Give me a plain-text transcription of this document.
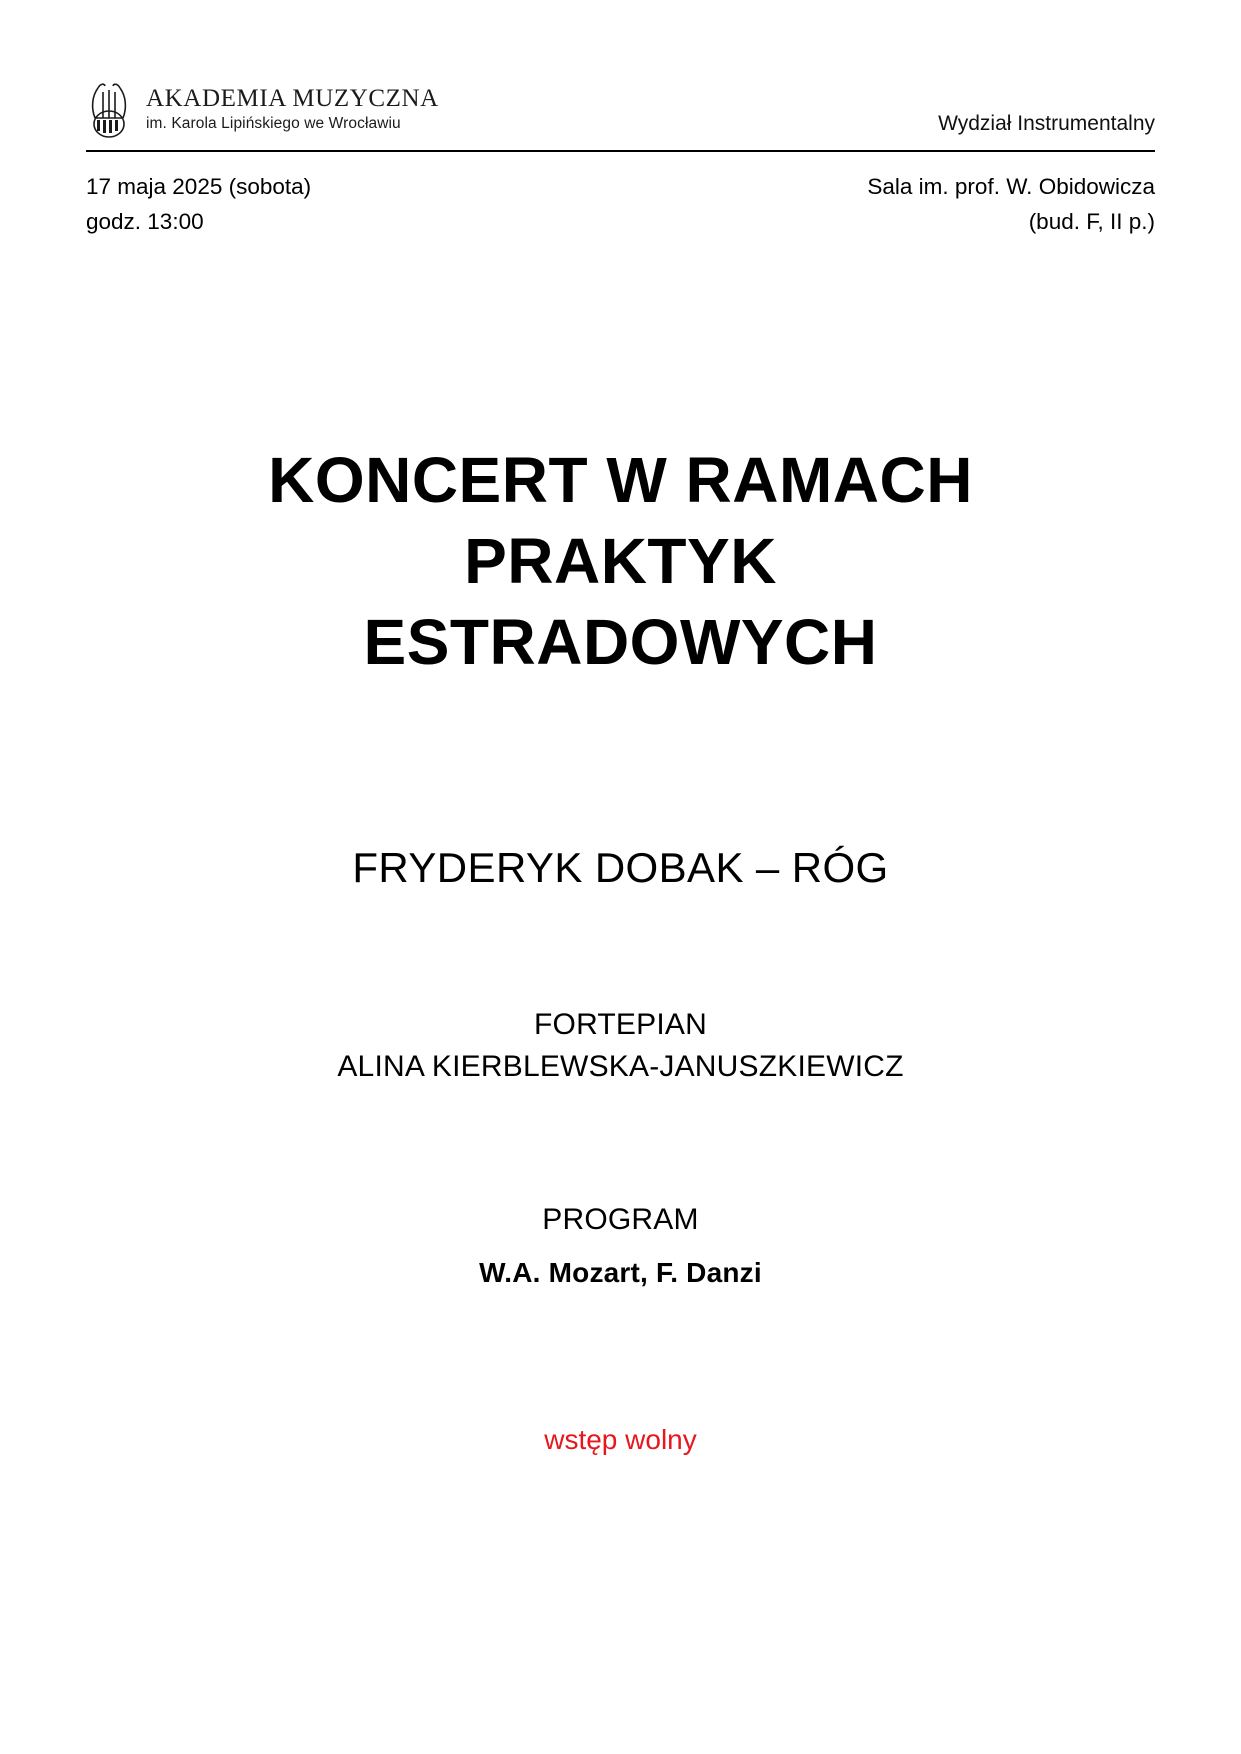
AKADEMIA MUZYCZNA
im. Karola Lipińskiego we Wrocławiu	Wydział Instrumentalny
17 maja 2025 (sobota)
godz. 13:00
Sala im. prof. W. Obidowicza
(bud. F, II p.)
KONCERT W RAMACH
PRAKTYK
ESTRADOWYCH
FRYDERYK DOBAK – RÓG
FORTEPIAN
ALINA KIERBLEWSKA-JANUSZKIEWICZ
PROGRAM
W.A. Mozart, F. Danzi
wstęp wolny
